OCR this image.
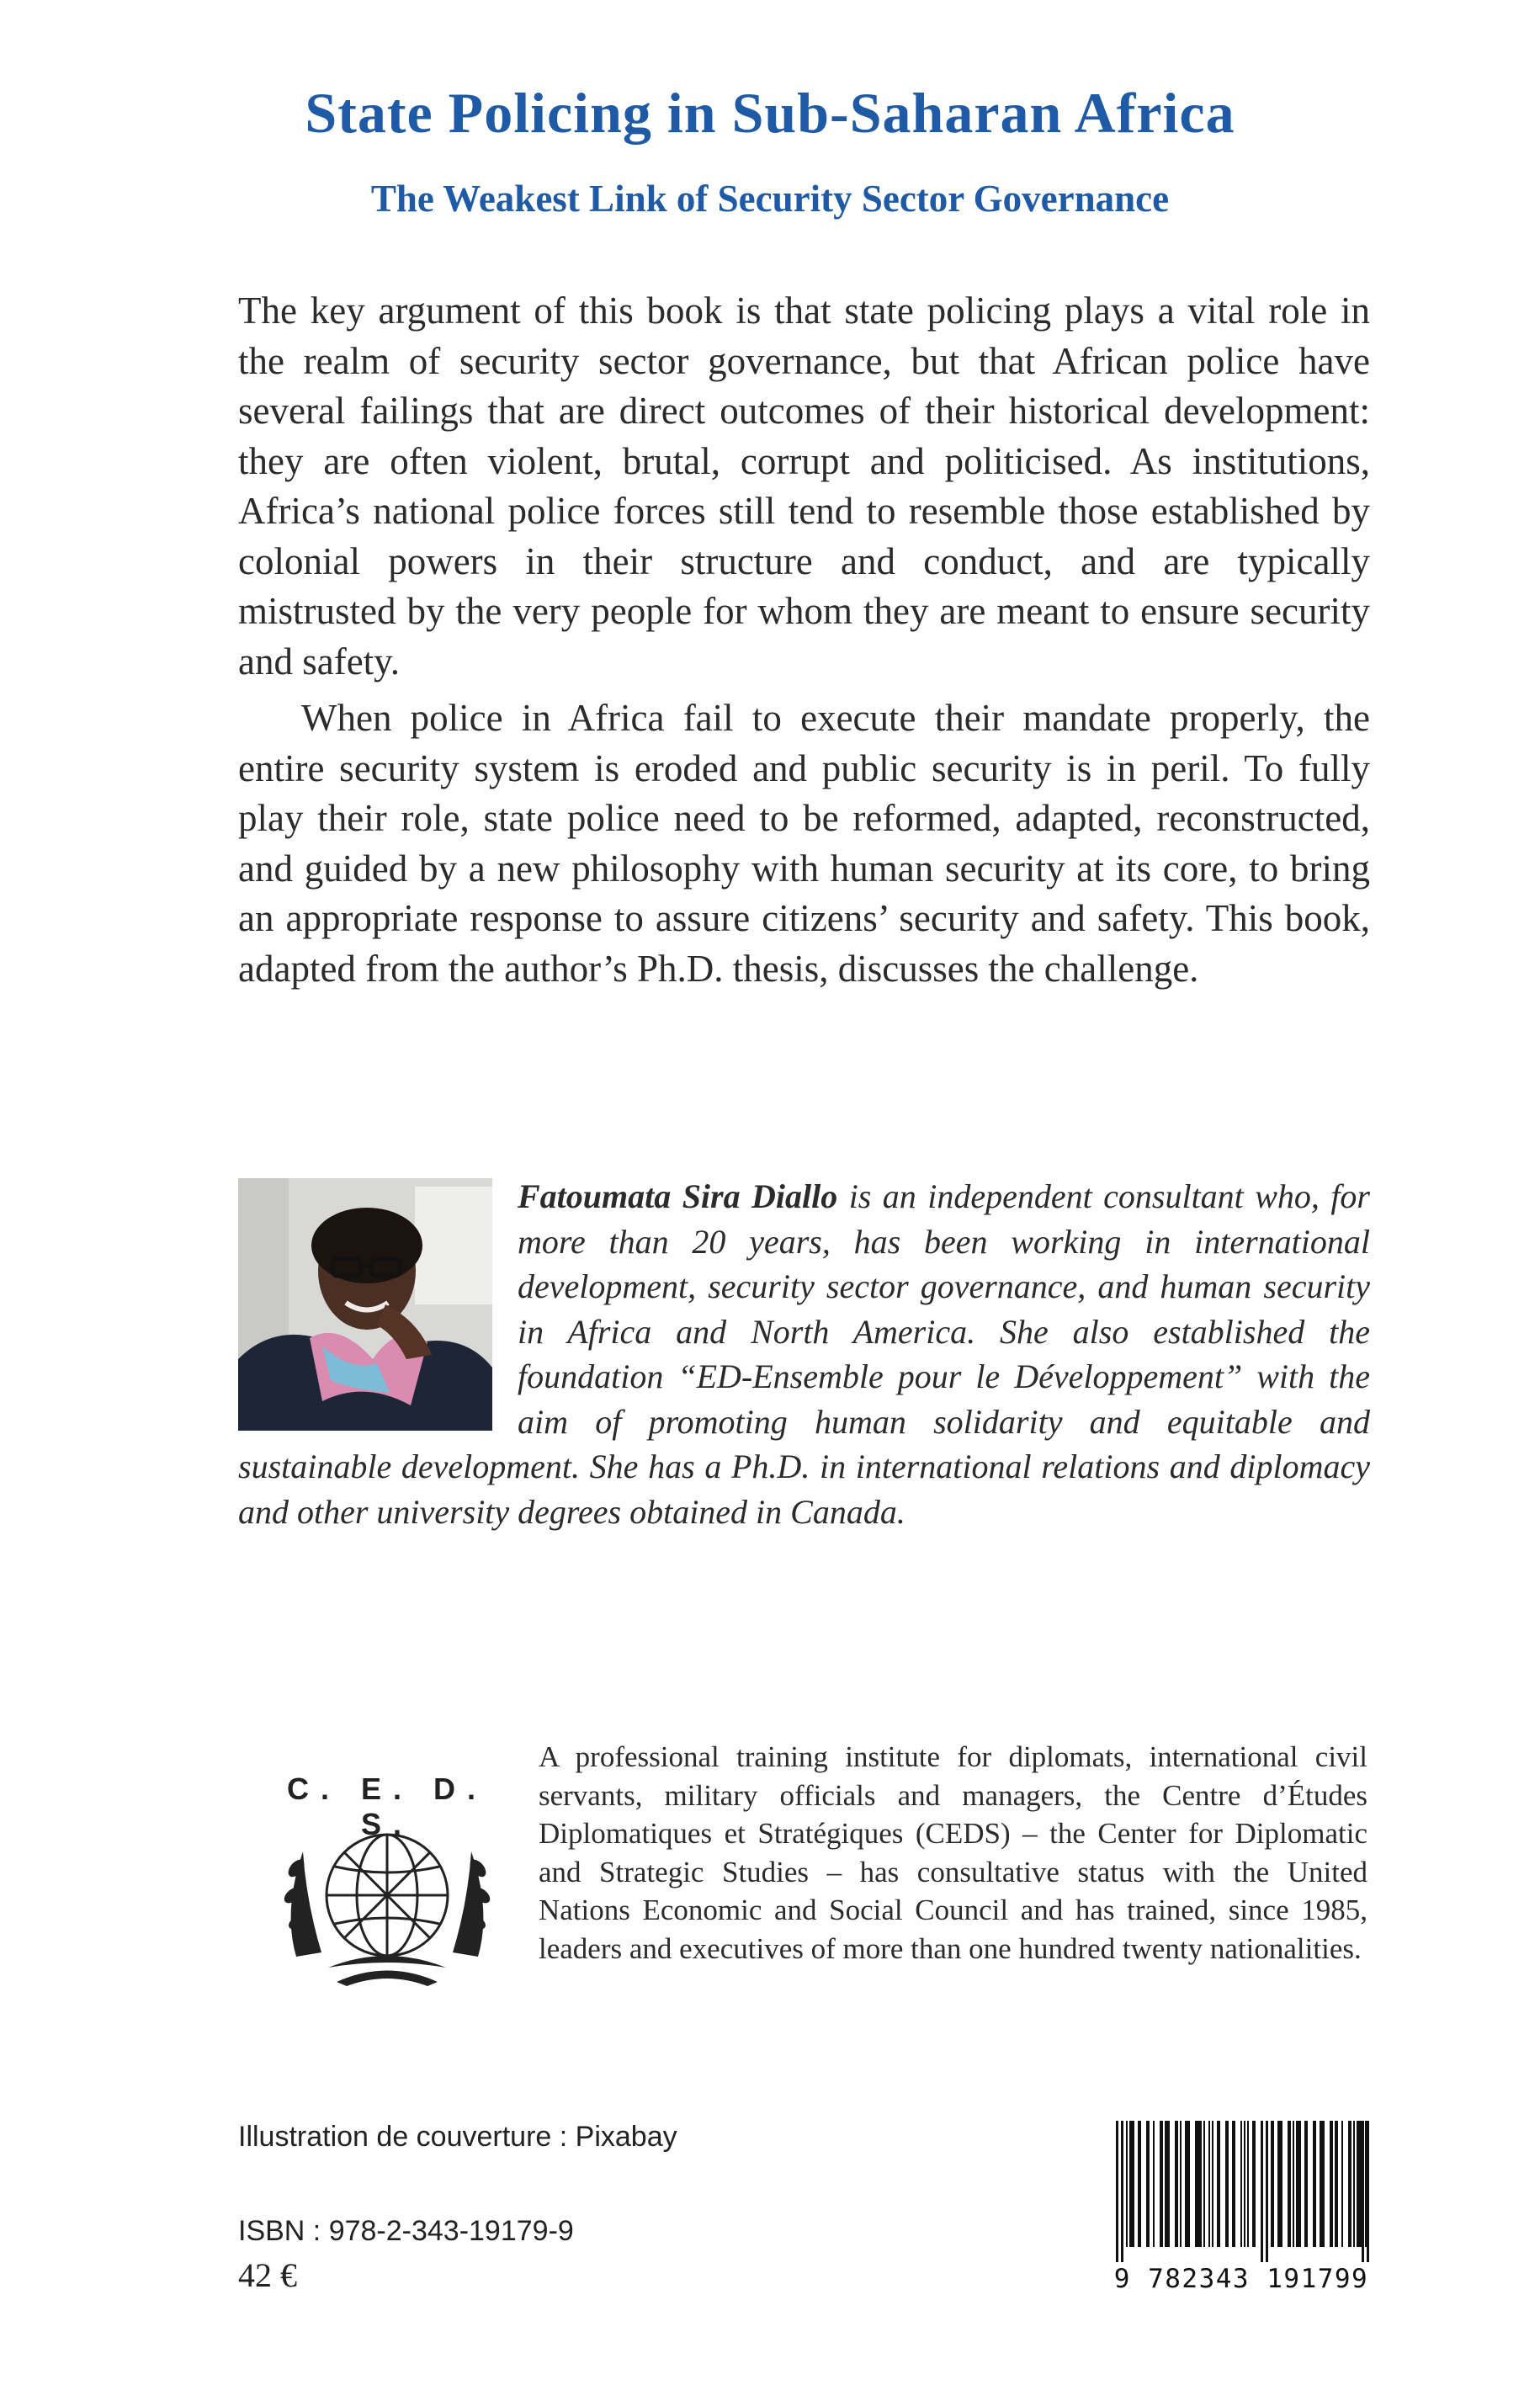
State Policing in Sub-Saharan Africa
The Weakest Link of Security Sector Governance

The key argument of this book is that state policing plays a vital role in the realm of security sector governance, but that African police have several failings that are direct outcomes of their historical development: they are often violent, brutal, corrupt and politicised. As institutions, Africa’s national police forces still tend to resemble those established by colonial powers in their structure and conduct, and are typically mistrusted by the very people for whom they are meant to ensure security and safety.

When police in Africa fail to execute their mandate properly, the entire security system is eroded and public security is in peril. To fully play their role, state police need to be reformed, adapted, reconstructed, and guided by a new philosophy with human security at its core, to bring an appropriate response to assure citizens’ security and safety. This book, adapted from the author’s Ph.D. thesis, discusses the challenge.

Fatoumata Sira Diallo is an independent consultant who, for more than 20 years, has been working in international development, security sector governance, and human security in Africa and North America. She also established the foundation “ED-Ensemble pour le Développement” with the aim of promoting human solidarity and equitable and sustainable development. She has a Ph.D. in international relations and diplomacy and other university degrees obtained in Canada.
C. E. D. S.
A professional training institute for diplomats, international civil servants, military officials and managers, the Centre d’Études Diplomatiques et Stratégiques (CEDS) – the Center for Diplomatic and Strategic Studies – has consultative status with the United Nations Economic and Social Council and has trained, since 1985, leaders and executives of more than one hundred twenty nationalities.
Illustration de couverture : Pixabay
ISBN : 978-2-343-19179-9
42 €	9 782343 191799
